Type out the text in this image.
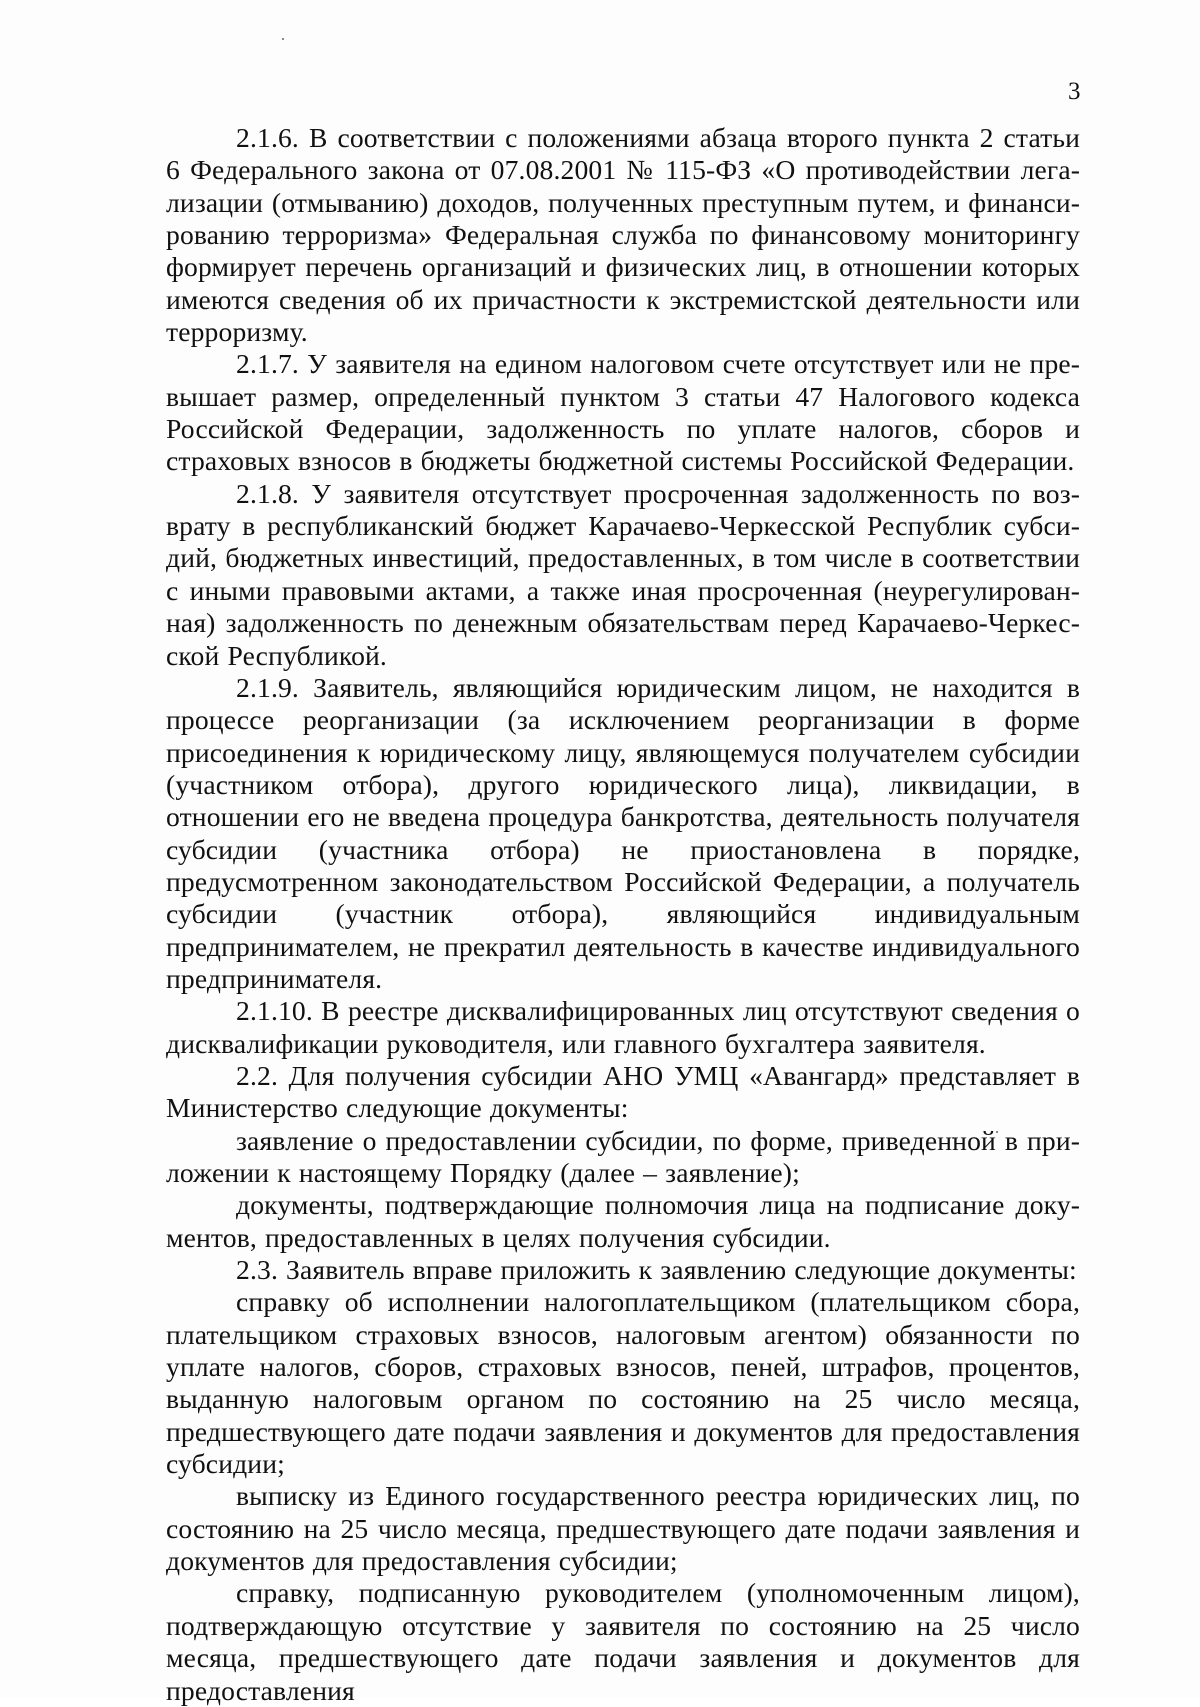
3

2.1.6. В соответствии с положениями абзаца второго пункта 2 статьи 6 Федерального закона от 07.08.2001 № 115-ФЗ «О противодействии легализации (отмыванию) доходов, полученных преступным путем, и финансированию терроризма» Федеральная служба по финансовому мониторингу формирует перечень организаций и физических лиц, в отношении которых имеются сведения об их причастности к экстремистской деятельности или терроризму.

2.1.7. У заявителя на едином налоговом счете отсутствует или не превышает размер, определенный пунктом 3 статьи 47 Налогового кодекса Российской Федерации, задолженность по уплате налогов, сборов и страховых взносов в бюджеты бюджетной системы Российской Федерации.

2.1.8. У заявителя отсутствует просроченная задолженность по возврату в республиканский бюджет Карачаево-Черкесской Республик субсидий, бюджетных инвестиций, предоставленных, в том числе в соответствии с иными правовыми актами, а также иная просроченная (неурегулированная) задолженность по денежным обязательствам перед Карачаево-Черкесской Республикой.

2.1.9. Заявитель, являющийся юридическим лицом, не находится в процессе реорганизации (за исключением реорганизации в форме присоединения к юридическому лицу, являющемуся получателем субсидии (участником отбора), другого юридического лица), ликвидации, в отношении его не введена процедура банкротства, деятельность получателя субсидии (участника отбора) не приостановлена в порядке, предусмотренном законодательством Российской Федерации, а получатель субсидии (участник отбора), являющийся индивидуальным предпринимателем, не прекратил деятельность в качестве индивидуального предпринимателя.

2.1.10. В реестре дисквалифицированных лиц отсутствуют сведения о дисквалификации руководителя, или главного бухгалтера заявителя.

2.2. Для получения субсидии АНО УМЦ «Авангард» представляет в Министерство следующие документы:

заявление о предоставлении субсидии, по форме, приведенной в приложении к настоящему Порядку (далее – заявление);

документы, подтверждающие полномочия лица на подписание документов, предоставленных в целях получения субсидии.

2.3. Заявитель вправе приложить к заявлению следующие документы:

справку об исполнении налогоплательщиком (плательщиком сбора, плательщиком страховых взносов, налоговым агентом) обязанности по уплате налогов, сборов, страховых взносов, пеней, штрафов, процентов, выданную налоговым органом по состоянию на 25 число месяца, предшествующего дате подачи заявления и документов для предоставления субсидии;

выписку из Единого государственного реестра юридических лиц, по состоянию на 25 число месяца, предшествующего дате подачи заявления и документов для предоставления субсидии;

справку, подписанную руководителем (уполномоченным лицом), подтверждающую отсутствие у заявителя по состоянию на 25 число месяца, предшествующего дате подачи заявления и документов для предоставления
